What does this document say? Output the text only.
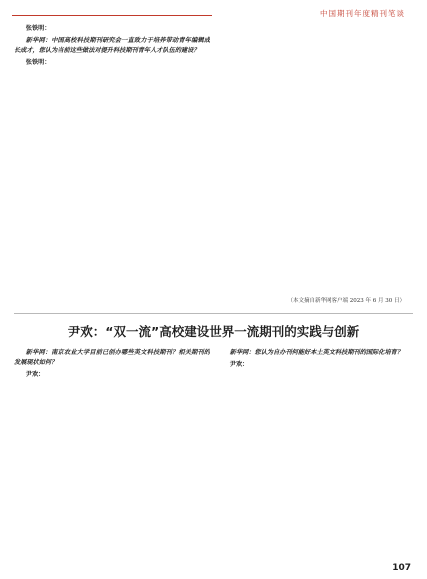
中国期刊年度精刊笔谈

张铁明：

新华网：中国高校科技期刊研究会一直致力于培养带动青年编辑成长成才，您认为当前这些做法对提升科技期刊青年人才队伍的建设？

张铁明：

（本文摘自新华网客户端 2023 年 6 月 30 日）
尹欢：“双一流”高校建设世界一流期刊的实践与创新

新华网：南京农业大学目前已创办哪些英文科技期刊？相关期刊的发展现状如何？

尹欢：

新华网：您认为自办刊何能好本土英文科技期刊的国际化培育？

尹欢：

107
